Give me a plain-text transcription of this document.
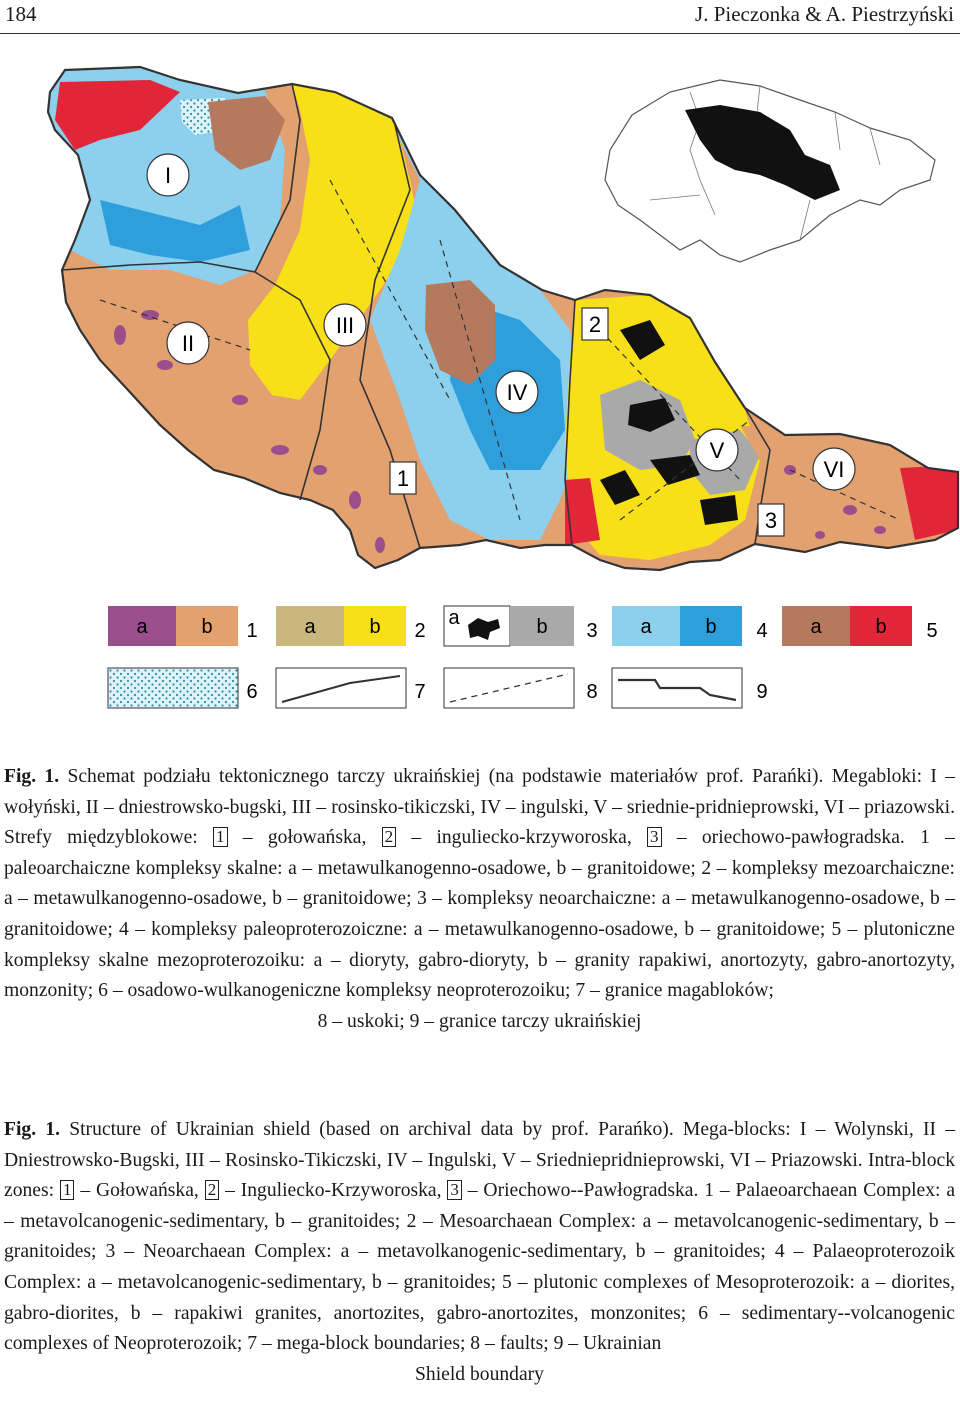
184	J. Pieczonka & A. Piestrzyński
I
II
III
IV
V
VI
1
2
3
a	b 1 a	b 2
a	b 3 a	b 4 a	b 5
6	7	8	9

Fig. 1. Schemat podziału tektonicznego tarczy ukraińskiej (na podstawie materiałów prof. Parańki). Megabloki: I – wołyński, II – dniestrowsko-bugski, III – rosinsko-tikiczski, IV – ingulski, V – sriednie-pridnieprowski, VI – priazowski. Strefy międzyblokowe: 1 – gołowańska, 2 – inguliecko-krzyworoska, 3 – oriechowo-pawłogradska. 1 – paleoarchaiczne kompleksy skalne: a – metawulkanogenno-osadowe, b – granitoidowe; 2 – kompleksy mezoarchaiczne: a – metawulkanogenno-osadowe, b – granitoidowe; 3 – kompleksy neoarchaiczne: a – metawulkanogenno-osadowe, b – granitoidowe; 4 – kompleksy paleoproterozoiczne: a – metawulkanogenno-osadowe, b – granitoidowe; 5 – plutoniczne kompleksy skalne mezoproterozoiku: a – dioryty, gabro-dioryty, b – granity rapakiwi, anortozyty, gabro-anortozyty, monzonity; 6 – osadowo-wulkanogeniczne kompleksy neoproterozoiku; 7 – granice magabloków;
8 – uskoki; 9 – granice tarczy ukraińskiej

Fig. 1. Structure of Ukrainian shield (based on archival data by prof. Parańko). Mega-blocks: I – Wolynski, II – Dniestrowsko-Bugski, III – Rosinsko-Tikiczski, IV – Ingulski, V – Sriedniepridnieprowski, VI – Priazowski. Intra-block zones: 1 – Gołowańska, 2 – Inguliecko-Krzyworoska, 3 – Oriechowo--Pawłogradska. 1 – Palaeoarchaean Complex: a – metavolcanogenic-sedimentary, b – granitoides; 2 – Mesoarchaean Complex: a – metavolcanogenic-sedimentary, b – granitoides; 3 – Neoarchaean Complex: a – metavolkanogenic-sedimentary, b – granitoides; 4 – Palaeoproterozoik Complex: a – metavolcanogenic-sedimentary, b – granitoides; 5 – plutonic complexes of Mesoproterozoik: a – diorites, gabro-diorites, b – rapakiwi granites, anortozites, gabro-anortozites, monzonites; 6 – sedimentary--volcanogenic complexes of Neoproterozoik; 7 – mega-block boundaries; 8 – faults; 9 – Ukrainian
Shield boundary
